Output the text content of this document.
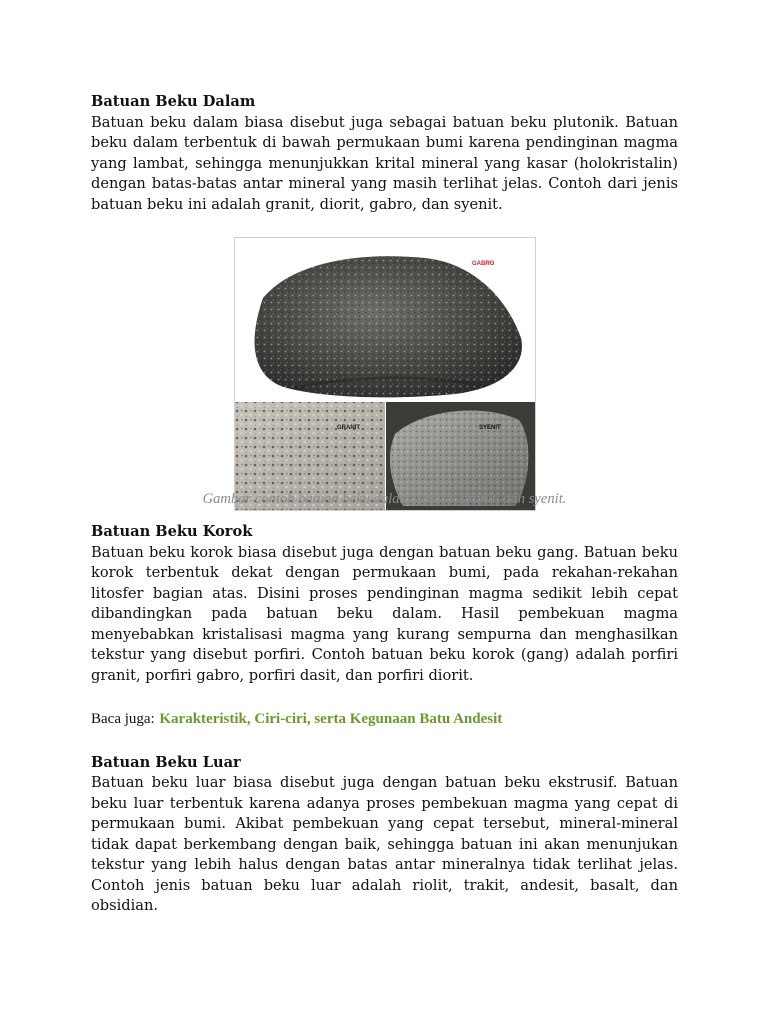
Batuan Beku Dalam

Batuan beku dalam biasa disebut juga sebagai batuan beku plutonik. Batuan beku dalam terbentuk di bawah permukaan bumi karena pendinginan magma yang lambat, sehingga menunjukkan krital mineral yang kasar (holokristalin) dengan batas-batas antar mineral yang masih terlihat jelas. Contoh dari jenis batuan beku ini adalah granit, diorit, gabro, dan syenit.

GABRO
GRANIT	SYENIT
Gambar contoh batuan beku dalam: gabro, granit, dan syenit.

Batuan Beku Korok

Batuan beku korok biasa disebut juga dengan batuan beku gang. Batuan beku korok terbentuk dekat dengan permukaan bumi, pada rekahan-rekahan litosfer bagian atas. Disini proses pendinginan magma sedikit lebih cepat dibandingkan pada batuan beku dalam. Hasil pembekuan magma menyebabkan kristalisasi magma yang kurang sempurna dan menghasilkan tekstur yang disebut porfiri. Contoh batuan beku korok (gang) adalah porfiri granit, porfiri gabro, porfiri dasit, dan porfiri diorit.

Baca juga: Karakteristik, Ciri-ciri, serta Kegunaan Batu Andesit

Batuan Beku Luar

Batuan beku luar biasa disebut juga dengan batuan beku ekstrusif. Batuan beku luar terbentuk karena adanya proses pembekuan magma yang cepat di permukaan bumi. Akibat pembekuan yang cepat tersebut, mineral-mineral tidak dapat berkembang dengan baik, sehingga batuan ini akan menunjukan tekstur yang lebih halus dengan batas antar mineralnya tidak terlihat jelas. Contoh jenis batuan beku luar adalah riolit, trakit, andesit, basalt, dan obsidian.
